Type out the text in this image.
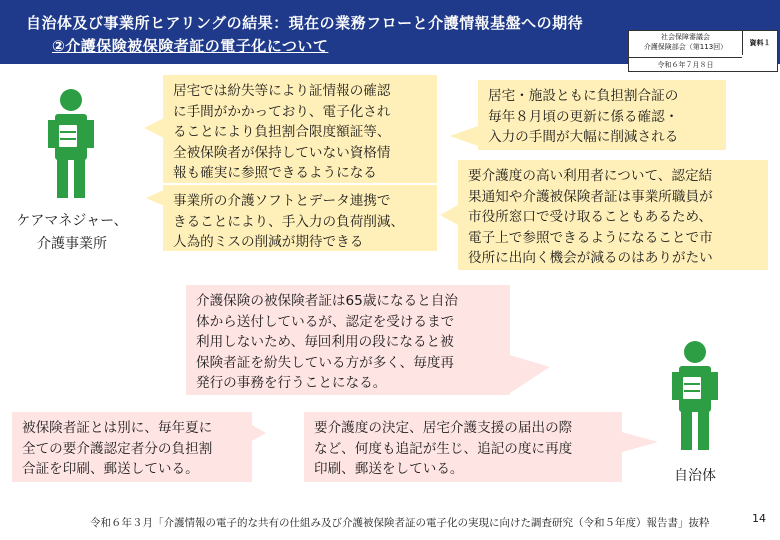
自治体及び事業所ヒアリングの結果：現在の業務フローと介護情報基盤への期待
②介護保険被保険者証の電子化について	社会保障審議会
介護保険部会（第113回）
令和６年７月８日
資料１
ケアマネジャー、
介護事業所
自治体
居宅では紛失等により証情報の確認
に手間がかかっており、電子化され
ることにより負担割合限度額証等、
全被保険者が保持していない資格情
報も確実に参照できるようになる
事業所の介護ソフトとデータ連携で
きることにより、手入力の負荷削減、
人為的ミスの削減が期待できる
居宅・施設ともに負担割合証の
毎年８月頃の更新に係る確認・
入力の手間が大幅に削減される
要介護度の高い利用者について、認定結
果通知や介護被保険者証は事業所職員が
市役所窓口で受け取ることもあるため、
電子上で参照できるようになることで市
役所に出向く機会が減るのはありがたい
介護保険の被保険者証は65歳になると自治
体から送付しているが、認定を受けるまで
利用しないため、毎回利用の段になると被
保険者証を紛失している方が多く、毎度再
発行の事務を行うことになる。
被保険者証とは別に、毎年夏に
全ての要介護認定者分の負担割
合証を印刷、郵送している。
要介護度の決定、居宅介護支援の届出の際
など、何度も追記が生じ、追記の度に再度
印刷、郵送をしている。
令和６年３月「介護情報の電子的な共有の仕組み及び介護被保険者証の電子化の実現に向けた調査研究（令和５年度）報告書」抜粋	14
